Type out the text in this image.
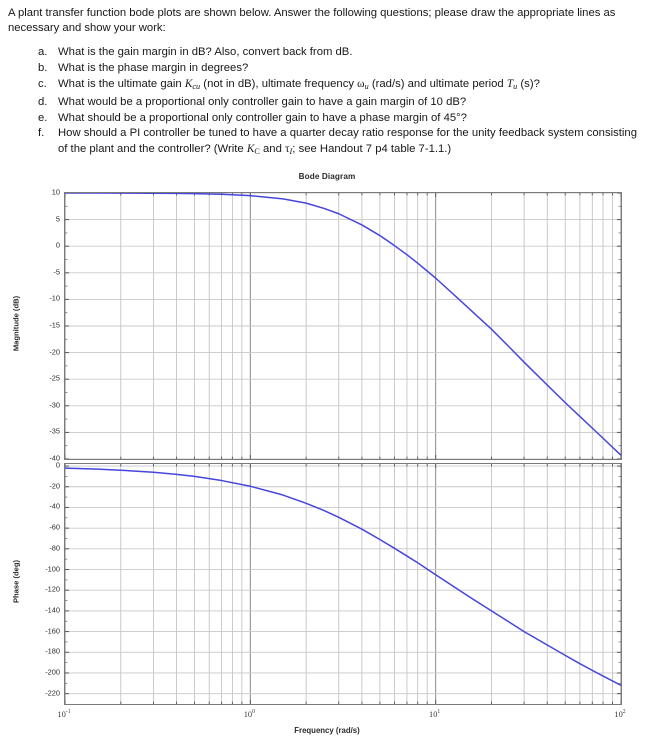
A plant transfer function bode plots are shown below. Answer the following questions; please draw the appropriate lines as necessary and show your work:

a. What is the gain margin in dB? Also, convert back from dB.
b. What is the phase margin in degrees?
c. What is the ultimate gain $K_{cu}$ (not in dB), ultimate frequency $\omega_u$ (rad/s) and ultimate period $T_u$ (s)?
d. What would be a proportional only controller gain to have a gain margin of 10 dB?
e. What should be a proportional only controller gain to have a phase margin of 45°?
f.	How should a PI controller be tuned to have a quarter decay ratio response for the unity feedback system consisting of the plant and the controller? (Write $K_C$ and $\tau_I$; see Handout 7 p4 table 7-1.1.)
Bode Diagram
10
5
0
-5
-10
-15
-20
-25
-30
-35
-40
Magnitude (dB)
0
-20
-40
-60
-80
-100
-120
-140
-160
-180
-200
-220
Phase (deg)
$10^{-1}$	$10^0$	$10^1$	$10^2$
Frequency (rad/s)
